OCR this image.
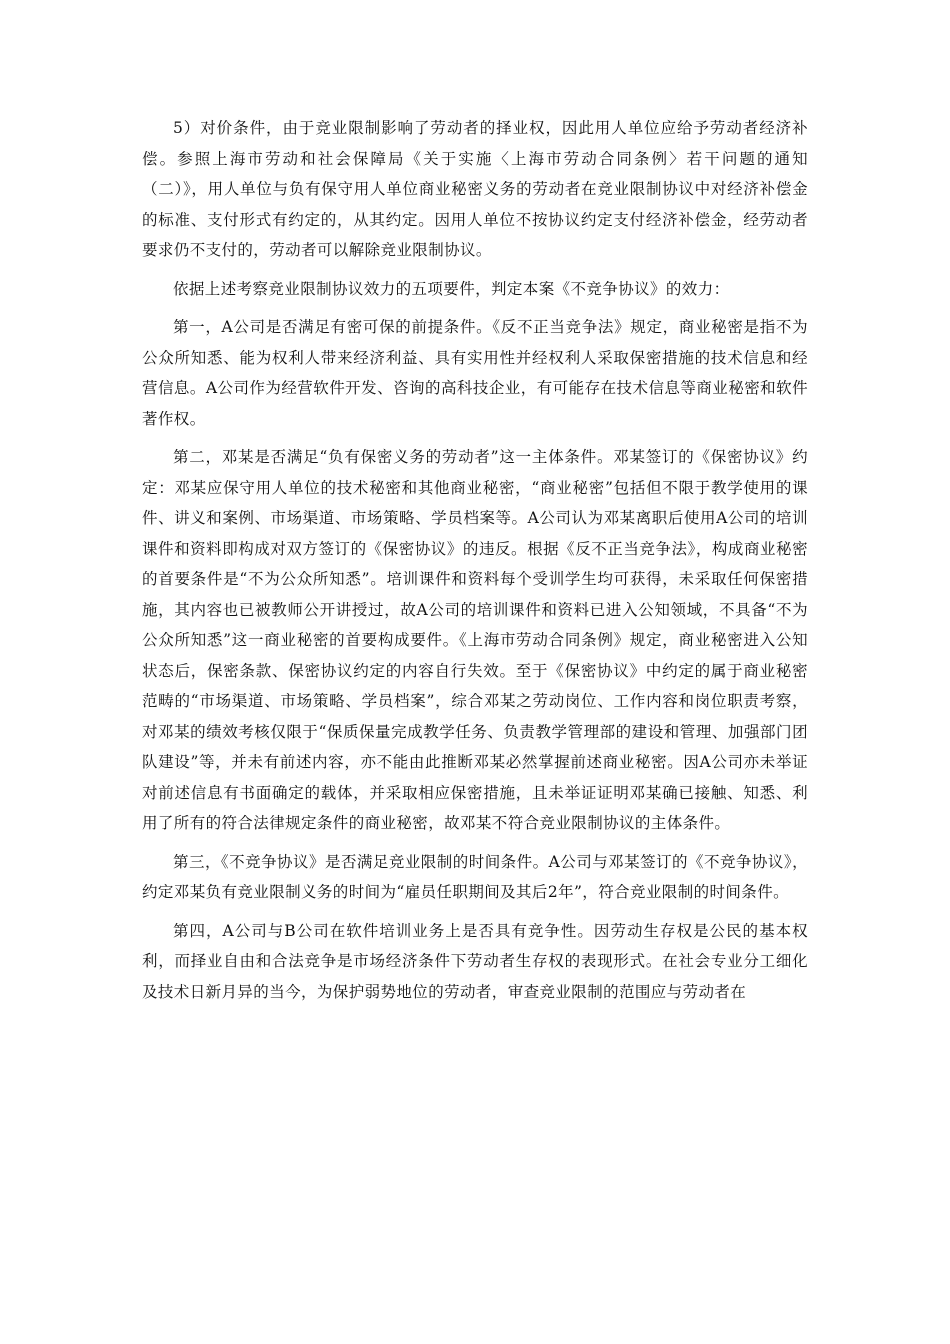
5）对价条件，由于竞业限制影响了劳动者的择业权，因此用人单位应给予劳动者经济补偿。参照上海市劳动和社会保障局《关于实施〈上海市劳动合同条例〉若干问题的通知（二）》，用人单位与负有保守用人单位商业秘密义务的劳动者在竞业限制协议中对经济补偿金的标准、支付形式有约定的，从其约定。因用人单位不按协议约定支付经济补偿金，经劳动者要求仍不支付的，劳动者可以解除竞业限制协议。

依据上述考察竞业限制协议效力的五项要件，判定本案《不竞争协议》的效力：

第一，A公司是否满足有密可保的前提条件。《反不正当竞争法》规定，商业秘密是指不为公众所知悉、能为权利人带来经济利益、具有实用性并经权利人采取保密措施的技术信息和经营信息。A公司作为经营软件开发、咨询的高科技企业，有可能存在技术信息等商业秘密和软件著作权。

第二，邓某是否满足“负有保密义务的劳动者”这一主体条件。邓某签订的《保密协议》约定：邓某应保守用人单位的技术秘密和其他商业秘密，“商业秘密”包括但不限于教学使用的课件、讲义和案例、市场渠道、市场策略、学员档案等。A公司认为邓某离职后使用A公司的培训课件和资料即构成对双方签订的《保密协议》的违反。根据《反不正当竞争法》，构成商业秘密的首要条件是“不为公众所知悉”。培训课件和资料每个受训学生均可获得，未采取任何保密措施，其内容也已被教师公开讲授过，故A公司的培训课件和资料已进入公知领域，不具备“不为公众所知悉”这一商业秘密的首要构成要件。《上海市劳动合同条例》规定，商业秘密进入公知状态后，保密条款、保密协议约定的内容自行失效。至于《保密协议》中约定的属于商业秘密范畴的“市场渠道、市场策略、学员档案”，综合邓某之劳动岗位、工作内容和岗位职责考察，对邓某的绩效考核仅限于“保质保量完成教学任务、负责教学管理部的建设和管理、加强部门团队建设”等，并未有前述内容，亦不能由此推断邓某必然掌握前述商业秘密。因A公司亦未举证对前述信息有书面确定的载体，并采取相应保密措施，且未举证证明邓某确已接触、知悉、利用了所有的符合法律规定条件的商业秘密，故邓某不符合竞业限制协议的主体条件。

第三，《不竞争协议》是否满足竞业限制的时间条件。A公司与邓某签订的《不竞争协议》，约定邓某负有竞业限制义务的时间为“雇员任职期间及其后2年”，符合竞业限制的时间条件。

第四，A公司与B公司在软件培训业务上是否具有竞争性。因劳动生存权是公民的基本权利，而择业自由和合法竞争是市场经济条件下劳动者生存权的表现形式。在社会专业分工细化及技术日新月异的当今，为保护弱势地位的劳动者，审查竞业限制的范围应与劳动者在
